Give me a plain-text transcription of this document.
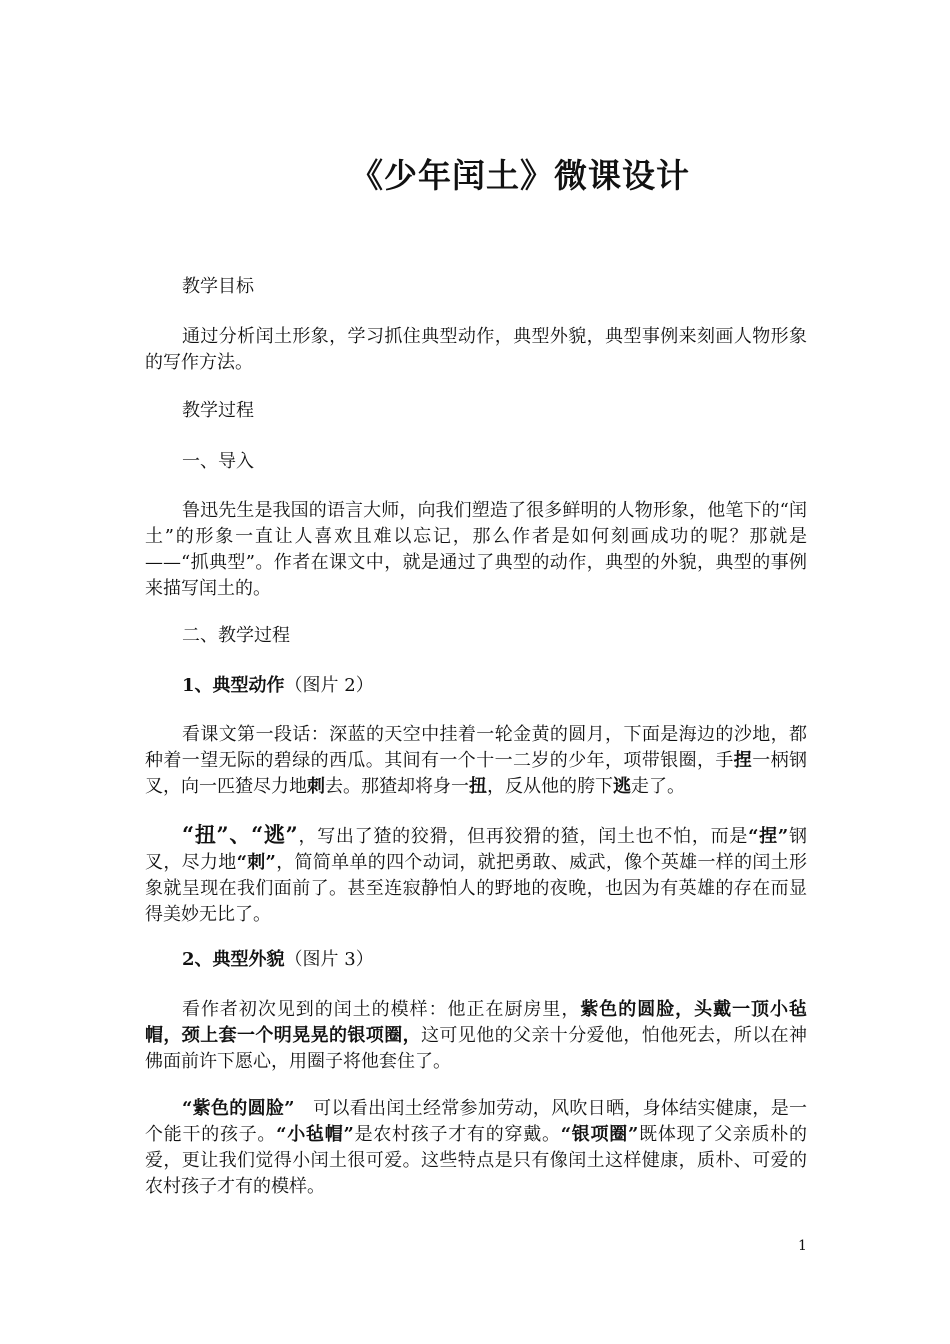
《少年闰土》微课设计
教学目标
通过分析闰土形象，学习抓住典型动作，典型外貌，典型事例来刻画人物形象的写作方法。
教学过程
一、导入
鲁迅先生是我国的语言大师，向我们塑造了很多鲜明的人物形象，他笔下的“闰土”的形象一直让人喜欢且难以忘记，那么作者是如何刻画成功的呢？那就是——“抓典型”。作者在课文中，就是通过了典型的动作，典型的外貌，典型的事例来描写闰土的。
二、教学过程
1、典型动作（图片 2）
看课文第一段话：深蓝的天空中挂着一轮金黄的圆月，下面是海边的沙地，都种着一望无际的碧绿的西瓜。其间有一个十一二岁的少年，项带银圈，手捏一柄钢叉，向一匹猹尽力地刺去。那猹却将身一扭，反从他的胯下逃走了。
“扭”、“逃”，写出了猹的狡猾，但再狡猾的猹，闰土也不怕，而是“捏”钢叉，尽力地“刺”，简简单单的四个动词，就把勇敢、威武，像个英雄一样的闰土形象就呈现在我们面前了。甚至连寂静怕人的野地的夜晚，也因为有英雄的存在而显得美妙无比了。
2、典型外貌（图片 3）
看作者初次见到的闰土的模样：他正在厨房里，紫色的圆脸，头戴一顶小毡帽，颈上套一个明晃晃的银项圈，这可见他的父亲十分爱他，怕他死去，所以在神佛面前许下愿心，用圈子将他套住了。
“紫色的圆脸”　可以看出闰土经常参加劳动，风吹日晒，身体结实健康，是一个能干的孩子。“小毡帽”是农村孩子才有的穿戴。“银项圈”既体现了父亲质朴的爱，更让我们觉得小闰土很可爱。这些特点是只有像闰土这样健康，质朴、可爱的农村孩子才有的模样。
1
